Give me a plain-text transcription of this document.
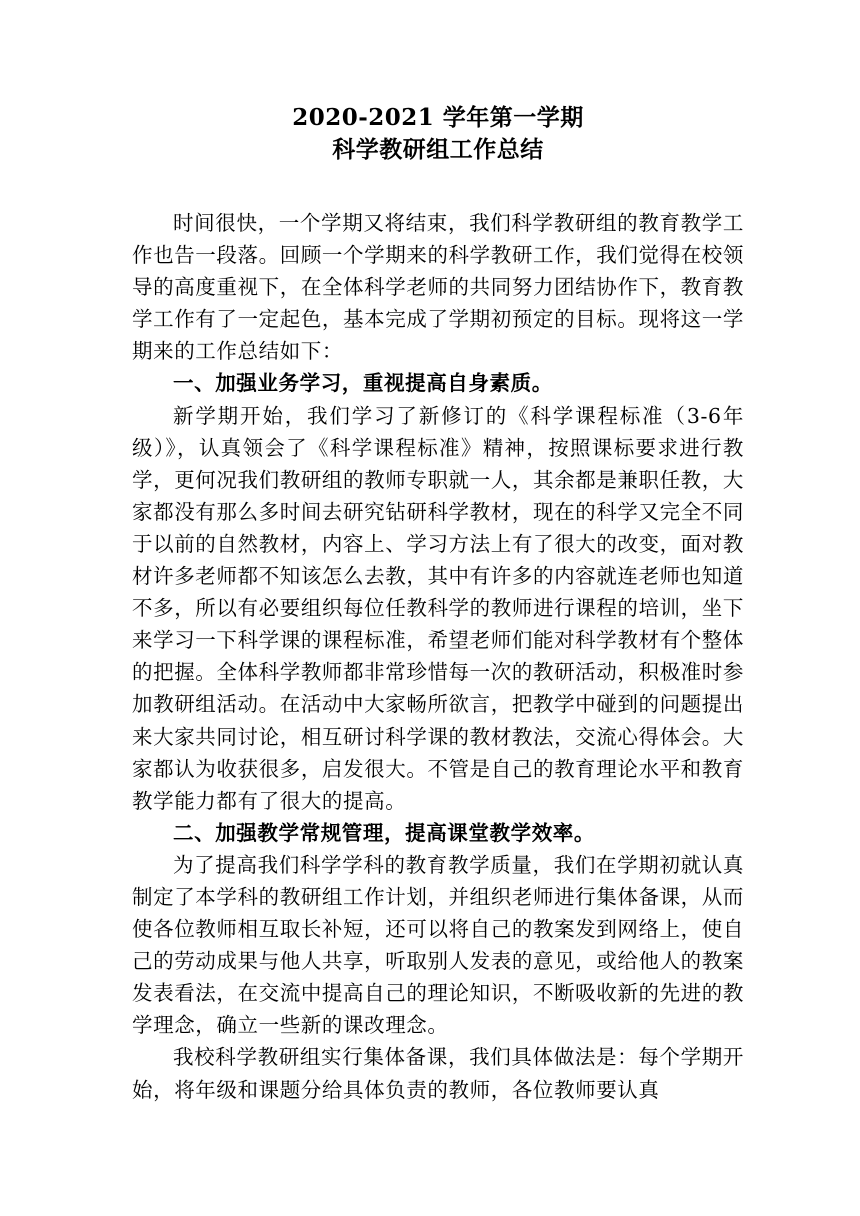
2020-2021 学年第一学期

科学教研组工作总结

时间很快，一个学期又将结束，我们科学教研组的教育教学工作也告一段落。回顾一个学期来的科学教研工作，我们觉得在校领导的高度重视下，在全体科学老师的共同努力团结协作下，教育教学工作有了一定起色，基本完成了学期初预定的目标。现将这一学期来的工作总结如下：

一、加强业务学习，重视提高自身素质。

新学期开始，我们学习了新修订的《科学课程标准（3-6年级）》，认真领会了《科学课程标准》精神，按照课标要求进行教学，更何况我们教研组的教师专职就一人，其余都是兼职任教，大家都没有那么多时间去研究钻研科学教材，现在的科学又完全不同于以前的自然教材，内容上、学习方法上有了很大的改变，面对教材许多老师都不知该怎么去教，其中有许多的内容就连老师也知道不多，所以有必要组织每位任教科学的教师进行课程的培训，坐下来学习一下科学课的课程标准，希望老师们能对科学教材有个整体的把握。全体科学教师都非常珍惜每一次的教研活动，积极准时参加教研组活动。在活动中大家畅所欲言，把教学中碰到的问题提出来大家共同讨论，相互研讨科学课的教材教法，交流心得体会。大家都认为收获很多，启发很大。不管是自己的教育理论水平和教育教学能力都有了很大的提高。

二、加强教学常规管理，提高课堂教学效率。

为了提高我们科学学科的教育教学质量，我们在学期初就认真制定了本学科的教研组工作计划，并组织老师进行集体备课，从而使各位教师相互取长补短，还可以将自己的教案发到网络上，使自己的劳动成果与他人共享，听取别人发表的意见，或给他人的教案发表看法，在交流中提高自己的理论知识，不断吸收新的先进的教学理念，确立一些新的课改理念。

我校科学教研组实行集体备课，我们具体做法是：每个学期开始，将年级和课题分给具体负责的教师，各位教师要认真
